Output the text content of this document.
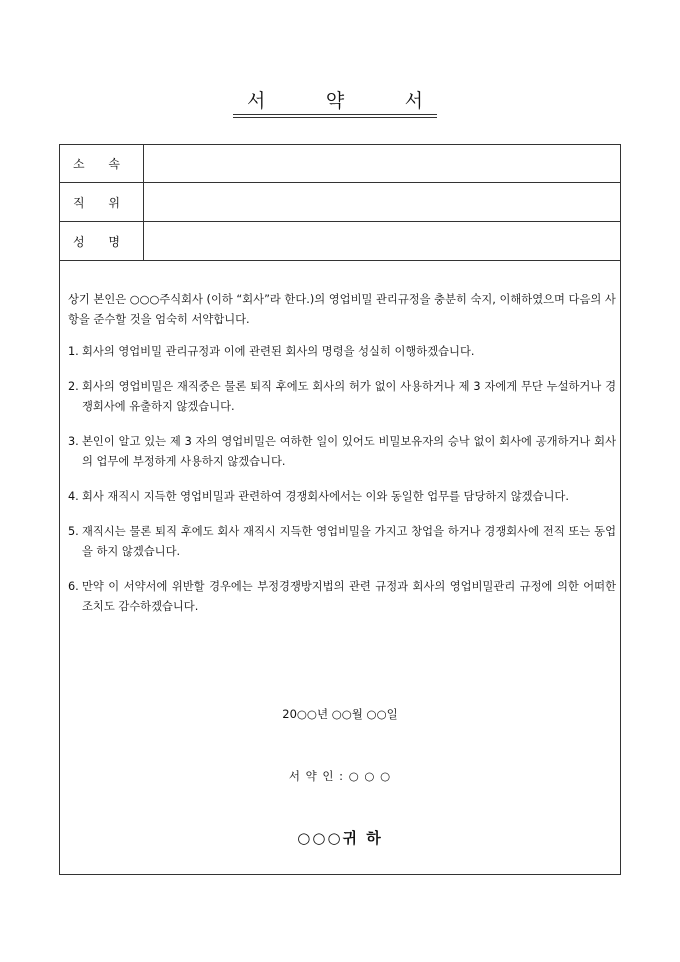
서	약	서
소 속	
직 위	
성 명	

상기 본인은 ○○○주식회사 (이하 “회사”라 한다.)의 영업비밀 관리규정을 충분히 숙지, 이해하였으며 다음의 사항을 준수할 것을 엄숙히 서약합니다.

1. 회사의 영업비밀 관리규정과 이에 관련된 회사의 명령을 성실히 이행하겠습니다.
2. 회사의 영업비밀은 재직중은 물론 퇴직 후에도 회사의 허가 없이 사용하거나 제 3 자에게 무단 누설하거나 경쟁회사에 유출하지 않겠습니다.
3. 본인이 알고 있는 제 3 자의 영업비밀은 여하한 일이 있어도 비밀보유자의 승낙 없이 회사에 공개하거나 회사의 업무에 부정하게 사용하지 않겠습니다.
4. 회사 재직시 지득한 영업비밀과 관련하여 경쟁회사에서는 이와 동일한 업무를 담당하지 않겠습니다.
5. 재직시는 물론 퇴직 후에도 회사 재직시 지득한 영업비밀을 가지고 창업을 하거나 경쟁회사에 전직 또는 동업을 하지 않겠습니다.
6. 만약 이 서약서에 위반할 경우에는 부정경쟁방지법의 관련 규정과 회사의 영업비밀관리 규정에 의한 어떠한 조치도 감수하겠습니다.
20○○년 ○○월 ○○일
서 약 인 : ○ ○ ○
○○○귀 하
